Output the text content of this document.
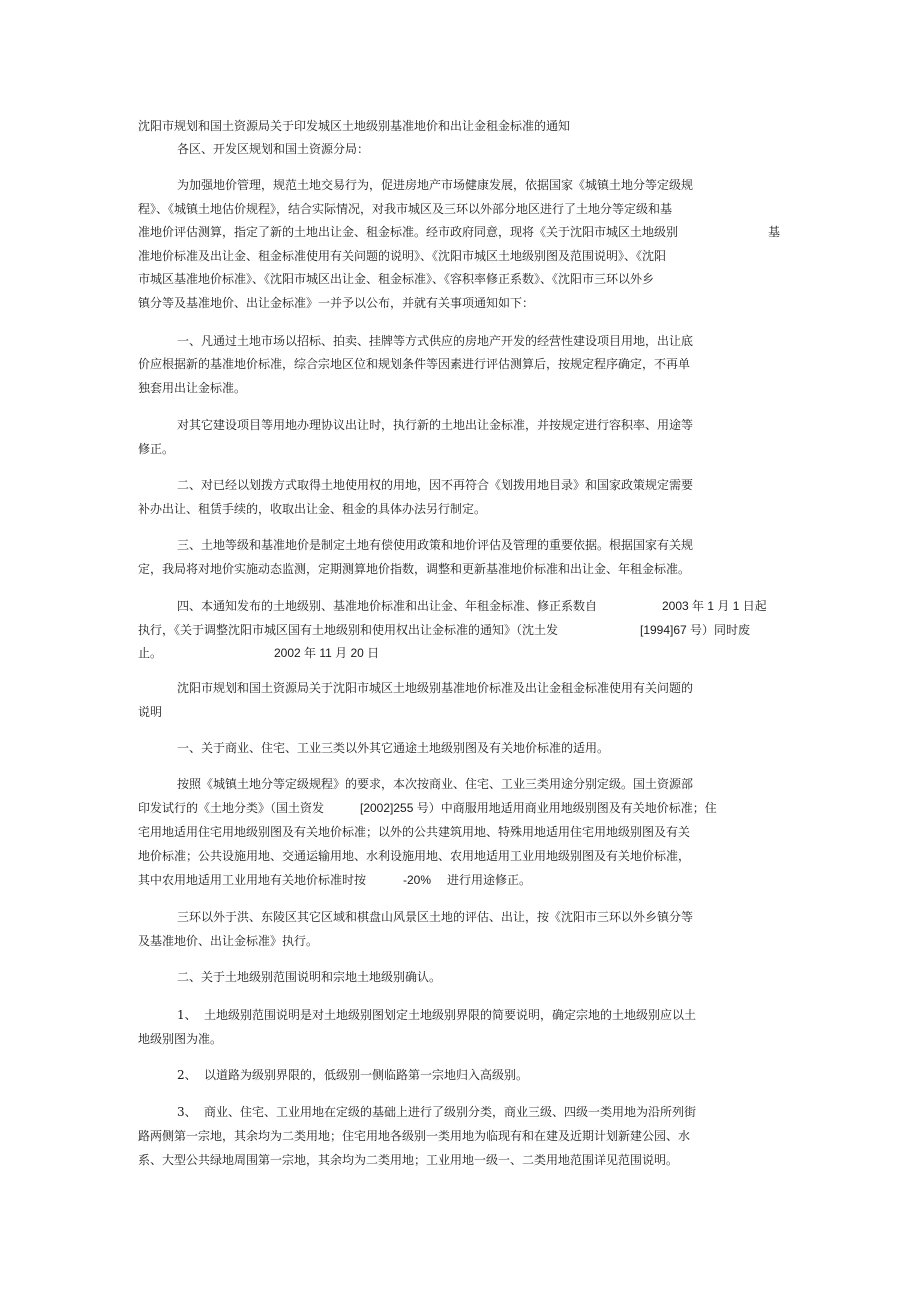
沈阳市规划和国土资源局关于印发城区土地级别基准地价和出让金租金标准的通知

各区、开发区规划和国土资源分局：

为加强地价管理，规范土地交易行为，促进房地产市场健康发展，依据国家《城镇土地分等定级规

程》、《城镇土地估价规程》，结合实际情况，对我市城区及三环以外部分地区进行了土地分等定级和基

准地价评估测算，指定了新的土地出让金、租金标准。经市政府同意，现将《关于沈阳市城区土地级别	基

准地价标准及出让金、租金标准使用有关问题的说明》、《沈阳市城区土地级别图及范围说明》、《沈阳

市城区基准地价标准》、《沈阳市城区出让金、租金标准》、《容积率修正系数》、《沈阳市三环以外乡

镇分等及基准地价、出让金标准》一并予以公布，并就有关事项通知如下：

一、凡通过土地市场以招标、拍卖、挂牌等方式供应的房地产开发的经营性建设项目用地，出让底

价应根据新的基准地价标准，综合宗地区位和规划条件等因素进行评估测算后，按规定程序确定，不再单

独套用出让金标准。

对其它建设项目等用地办理协议出让时，执行新的土地出让金标准，并按规定进行容积率、用途等

修正。

二、对已经以划拨方式取得土地使用权的用地，因不再符合《划拨用地目录》和国家政策规定需要

补办出让、租赁手续的，收取出让金、租金的具体办法另行制定。

三、土地等级和基准地价是制定土地有偿使用政策和地价评估及管理的重要依据。根据国家有关规

定，我局将对地价实施动态监测，定期测算地价指数，调整和更新基准地价标准和出让金、年租金标准。

四、本通知发布的土地级别、基准地价标准和出让金、年租金标准、修正系数自	2003 年 1 月 1 日起

执行，《关于调整沈阳市城区国有土地级别和使用权出让金标准的通知》（沈土发	[1994]67 号）同时废

止。	2002 年 11 月 20 日

沈阳市规划和国土资源局关于沈阳市城区土地级别基准地价标准及出让金租金标准使用有关问题的

说明

一、关于商业、住宅、工业三类以外其它通途土地级别图及有关地价标准的适用。

按照《城镇土地分等定级规程》的要求，本次按商业、住宅、工业三类用途分别定级。国土资源部

印发试行的《土地分类》（国土资发	[2002]255 号）中商服用地适用商业用地级别图及有关地价标准；住

宅用地适用住宅用地级别图及有关地价标准；以外的公共建筑用地、特殊用地适用住宅用地级别图及有关

地价标准；公共设施用地、交通运输用地、水利设施用地、农用地适用工业用地级别图及有关地价标准，

其中农用地适用工业用地有关地价标准时按	-20% 进行用途修正。

三环以外于洪、东陵区其它区域和棋盘山风景区土地的评估、出让，按《沈阳市三环以外乡镇分等

及基准地价、出让金标准》执行。

二、关于土地级别范围说明和宗地土地级别确认。

1、 土地级别范围说明是对土地级别图划定土地级别界限的简要说明，确定宗地的土地级别应以土

地级别图为准。

2、 以道路为级别界限的，低级别一侧临路第一宗地归入高级别。

3、 商业、住宅、工业用地在定级的基础上进行了级别分类，商业三级、四级一类用地为沿所列街

路两侧第一宗地，其余均为二类用地；住宅用地各级别一类用地为临现有和在建及近期计划新建公园、水

系、大型公共绿地周围第一宗地，其余均为二类用地；工业用地一级一、二类用地范围详见范围说明。
